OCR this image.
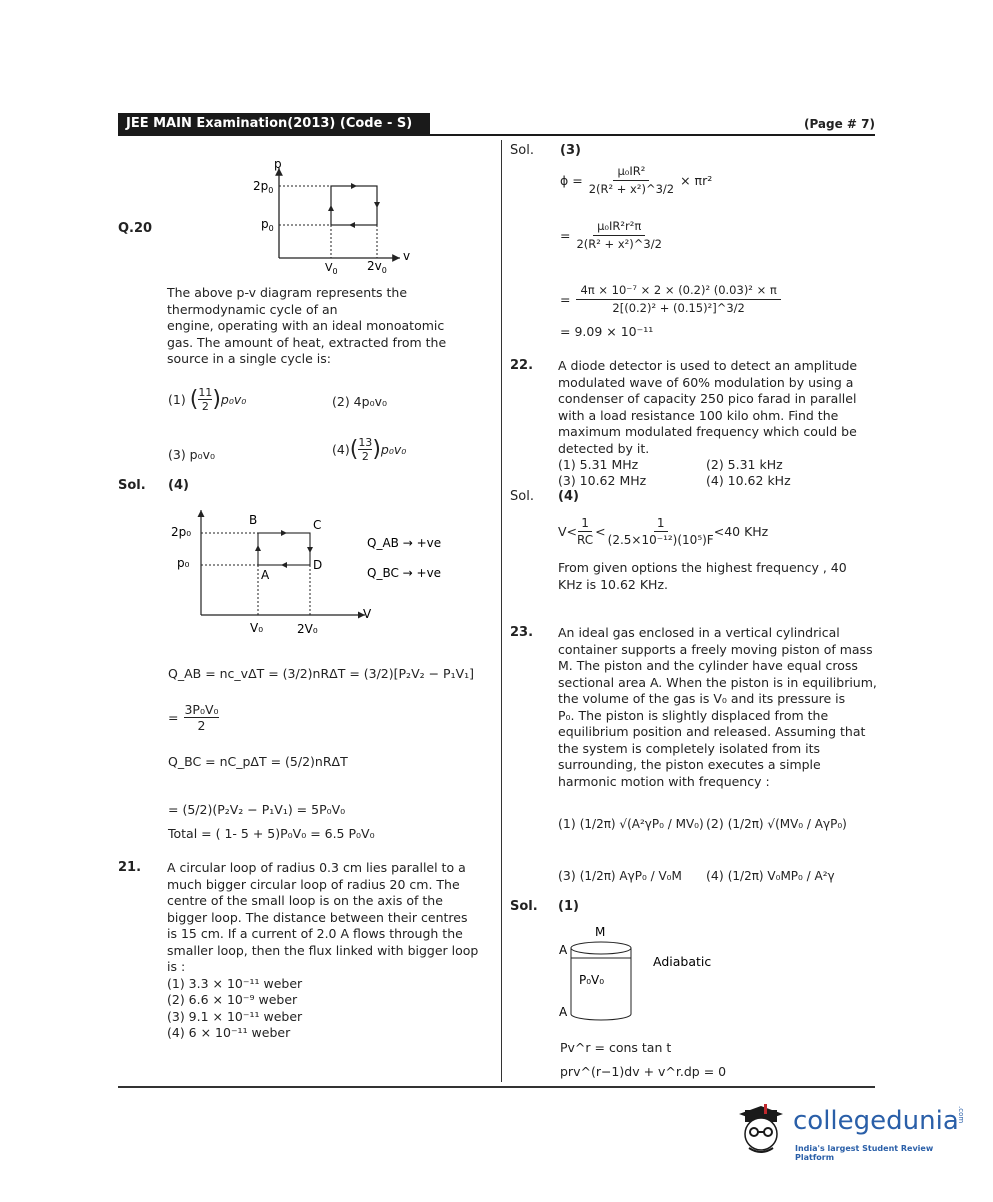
JEE MAIN Examination(2013) (Code - S)	(Page # 7)
Q.20
p
$2p_0$
$p_0$
v
$V_0$ $2v_0$
The above p-v diagram represents the
thermodynamic cycle of an
engine, operating with an ideal monoatomic
gas. The amount of heat, extracted from the
source in a single cycle is:
(1) ( 11
2 ) p₀v₀	(2) 4p₀v₀
(3) p₀v₀	(4) ( 13
2 ) p₀v₀
Sol. (4)
B	C
A
D
2p₀
p₀
V₀	2V₀
V
Q_AB → +ve
Q_BC → +ve
Q_AB = nc_vΔT = (3/2)nRΔT = (3/2)[P₂V₂ − P₁V₁]
= $\frac{\text{3P₀V₀}}{2}$
Q_BC = nC_pΔT = (5/2)nRΔT
= (5/2)(P₂V₂ − P₁V₁) = 5P₀V₀
Total = ( 1- 5 + 5)P₀V₀ = 6.5 P₀V₀
21. A circular loop of radius 0.3 cm lies parallel to a
much bigger circular loop of radius 20 cm. The
centre of the small loop is on the axis of the
bigger loop. The distance between their centres
is 15 cm. If a current of 2.0 A flows through the
smaller loop, then the flux linked with bigger loop
is :
(1) 3.3 × 10⁻¹¹ weber
(2) 6.6 × 10⁻⁹ weber
(3) 9.1 × 10⁻¹¹ weber
(4) 6 × 10⁻¹¹ weber
Sol. (3)
$\phi = \frac{\text{μ₀IR²}}{\text{2(R² + x²)\textasciicircum{}3/2}} \times \pi r^2$
= $\frac{\text{μ₀IR²r²π}}{\text{2(R² + x²)\textasciicircum{}3/2}}$
= $\frac{\text{4π × 10⁻⁷ × 2 × (0.2)² (0.03)² × π}}{\text{2[(0.2)² + (0.15)²]\textasciicircum{}3/2}}$
= 9.09 × 10⁻¹¹
22. A diode detector is used to detect an amplitude
modulated wave of 60% modulation by using a
condenser of capacity 250 pico farad in parallel
with a load resistance 100 kilo ohm. Find the
maximum modulated frequency which could be
detected by it.
(1) 5.31 MHz	(2) 5.31 kHz
(3) 10.62 MHz	(4) 10.62 kHz
Sol. (4)
V<
1
RC
<
1
(2.5×10⁻¹²)(10⁵)F
<40 KHz
From given options the highest frequency , 40
KHz is 10.62 KHz.
23. An ideal gas enclosed in a vertical cylindrical
container supports a freely moving piston of mass
M. The piston and the cylinder have equal cross
sectional area A. When the piston is in equilibrium,
the volume of the gas is V₀ and its pressure is
P₀. The piston is slightly displaced from the
equilibrium position and released. Assuming that
the system is completely isolated from its
surrounding, the piston executes a simple
harmonic motion with frequency :
(1) (1/2π) √(A²γP₀ / MV₀) (2) (1/2π) √(MV₀ / AγP₀)
(3) (1/2π) AγP₀ / V₀M (4) (1/2π) V₀MP₀ / A²γ
Sol. (1)
M
A
A
P₀V₀
Adiabatic
Pv^r = cons tan t
prv^(r−1)dv + v^r.dp = 0
collegedunia
.com
India's largest Student Review Platform
